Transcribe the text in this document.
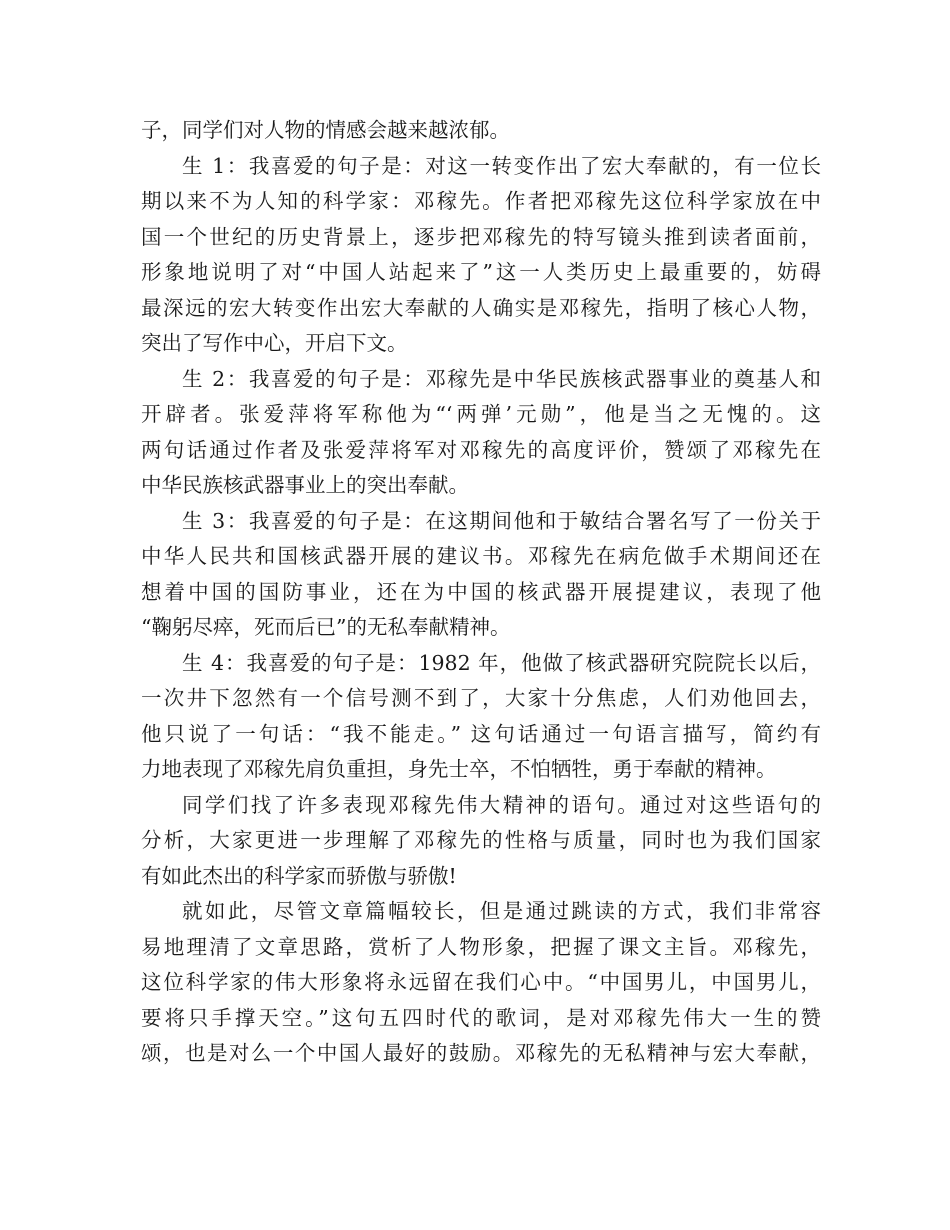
子，同学们对人物的情感会越来越浓郁。
生 1：我喜爱的句子是：对这一转变作出了宏大奉献的，有一位长
期以来不为人知的科学家：邓稼先。作者把邓稼先这位科学家放在中
国一个世纪的历史背景上，逐步把邓稼先的特写镜头推到读者面前，
形象地说明了对“中国人站起来了”这一人类历史上最重要的，妨碍
最深远的宏大转变作出宏大奉献的人确实是邓稼先，指明了核心人物，
突出了写作中心，开启下文。
生 2：我喜爱的句子是：邓稼先是中华民族核武器事业的奠基人和
开辟者。张爱萍将军称他为“‘两弹’元勋”，他是当之无愧的。这
两句话通过作者及张爱萍将军对邓稼先的高度评价，赞颂了邓稼先在
中华民族核武器事业上的突出奉献。
生 3：我喜爱的句子是：在这期间他和于敏结合署名写了一份关于
中华人民共和国核武器开展的建议书。邓稼先在病危做手术期间还在
想着中国的国防事业，还在为中国的核武器开展提建议，表现了他
“鞠躬尽瘁，死而后已”的无私奉献精神。
生 4：我喜爱的句子是：1982 年，他做了核武器研究院院长以后，
一次井下忽然有一个信号测不到了，大家十分焦虑，人们劝他回去，
他只说了一句话：“我不能走。” 这句话通过一句语言描写，简约有
力地表现了邓稼先肩负重担，身先士卒，不怕牺牲，勇于奉献的精神。
同学们找了许多表现邓稼先伟大精神的语句。通过对这些语句的
分析，大家更进一步理解了邓稼先的性格与质量，同时也为我们国家
有如此杰出的科学家而骄傲与骄傲!
就如此，尽管文章篇幅较长，但是通过跳读的方式，我们非常容
易地理清了文章思路，赏析了人物形象，把握了课文主旨。邓稼先，
这位科学家的伟大形象将永远留在我们心中。“中国男儿，中国男儿，
要将只手撑天空。”这句五四时代的歌词，是对邓稼先伟大一生的赞
颂，也是对么一个中国人最好的鼓励。邓稼先的无私精神与宏大奉献，
